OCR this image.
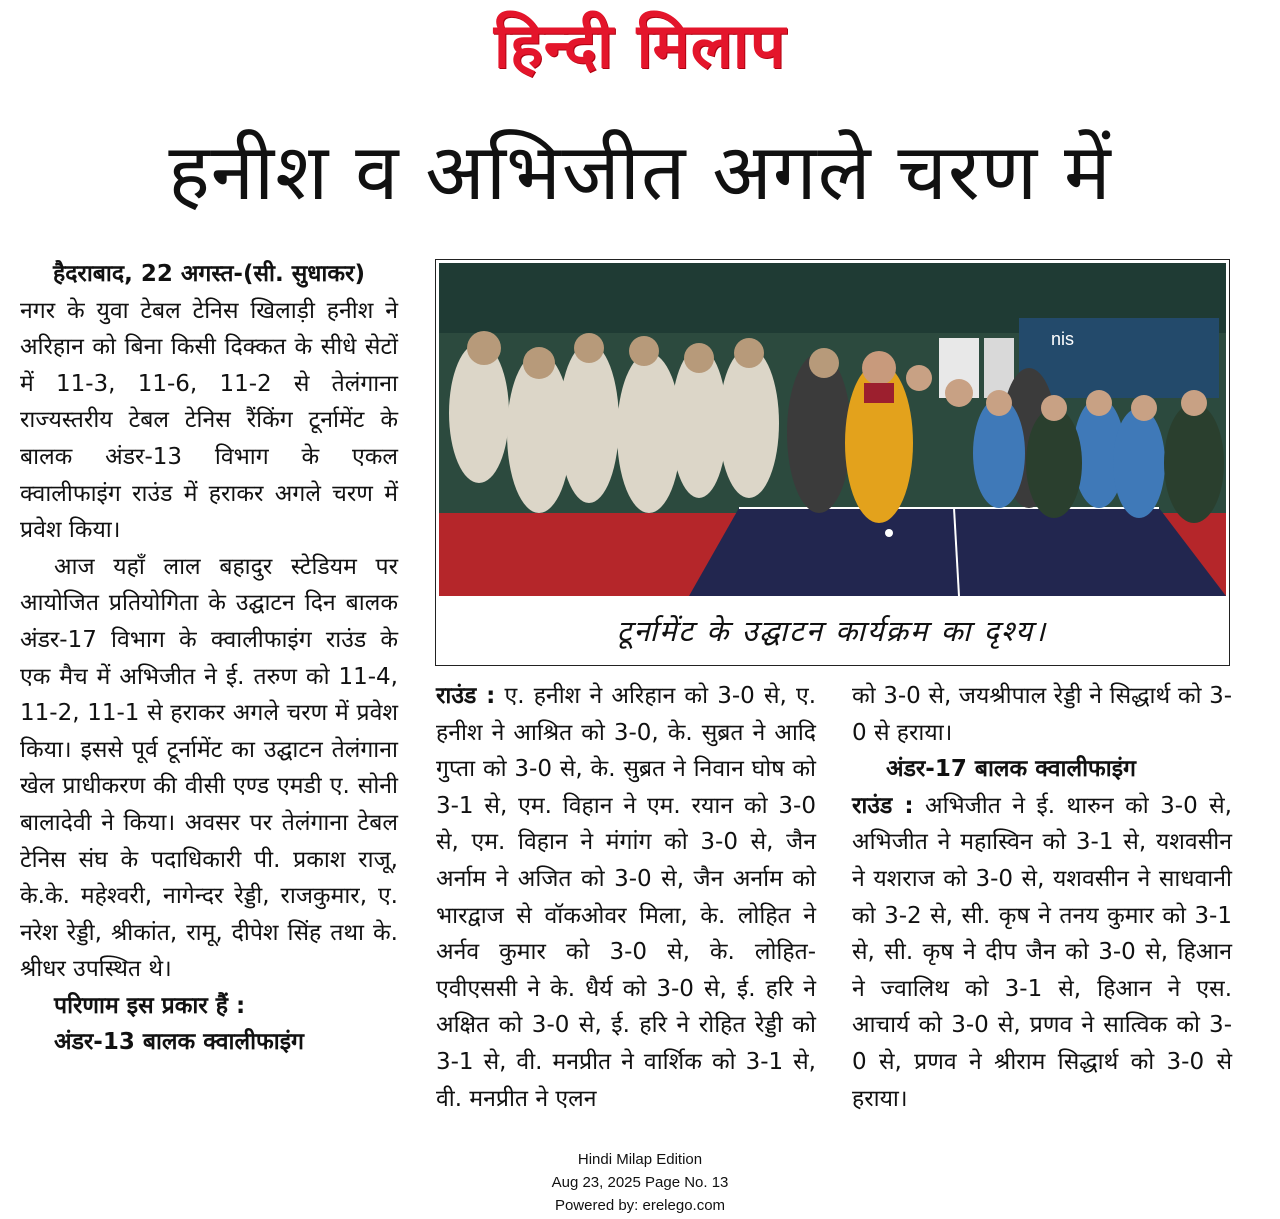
हिन्दी मिलाप
हनीश व अभिजीत अगले चरण में
हैदराबाद, 22 अगस्त-(सी. सुधाकर)

नगर के युवा टेबल टेनिस खिलाड़ी हनीश ने अरिहान को बिना किसी दिक्कत के सीधे सेटों में 11-3, 11-6, 11-2 से तेलंगाना राज्यस्तरीय टेबल टेनिस रैंकिंग टूर्नामेंट के बालक अंडर-13 विभाग के एकल क्वालीफाइंग राउंड में हराकर अगले चरण में प्रवेश किया।

आज यहाँ लाल बहादुर स्टेडियम पर आयोजित प्रतियोगिता के उद्घाटन दिन बालक अंडर-17 विभाग के क्वालीफाइंग राउंड के एक मैच में अभिजीत ने ई. तरुण को 11-4, 11-2, 11-1 से हराकर अगले चरण में प्रवेश किया। इससे पूर्व टूर्नामेंट का उद्घाटन तेलंगाना खेल प्राधीकरण की वीसी एण्ड एमडी ए. सोनी बालादेवी ने किया। अवसर पर तेलंगाना टेबल टेनिस संघ के पदाधिकारी पी. प्रकाश राजू, के.के. महेश्वरी, नागेन्दर रेड्डी, राजकुमार, ए. नरेश रेड्डी, श्रीकांत, रामू, दीपेश सिंह तथा के. श्रीधर उपस्थित थे।

परिणाम इस प्रकार हैं :
अंडर-13 बालक क्वालीफाइंग
nis
टूर्नामेंट के उद्घाटन कार्यक्रम का दृश्य।

राउंड : ए. हनीश ने अरिहान को 3-0 से, ए. हनीश ने आश्रित को 3-0, के. सुब्रत ने आदि गुप्ता को 3-0 से, के. सुब्रत ने निवान घोष को 3-1 से, एम. विहान ने एम. रयान को 3-0 से, एम. विहान ने मंगांग को 3-0 से, जैन अर्नाम ने अजित को 3-0 से, जैन अर्नाम को भारद्वाज से वॉकओवर मिला, के. लोहित ने अर्नव कुमार को 3-0 से, के. लोहित-एवीएससी ने के. धैर्य को 3-0 से, ई. हरि ने अक्षित को 3-0 से, ई. हरि ने रोहित रेड्डी को 3-1 से, वी. मनप्रीत ने वार्शिक को 3-1 से, वी. मनप्रीत ने एलन

को 3-0 से, जयश्रीपाल रेड्डी ने सिद्धार्थ को 3-0 से हराया।

अंडर-17 बालक क्वालीफाइंग

राउंड : अभिजीत ने ई. थारुन को 3-0 से, अभिजीत ने महास्विन को 3-1 से, यशवसीन ने यशराज को 3-0 से, यशवसीन ने साधवानी को 3-2 से, सी. कृष ने तनय कुमार को 3-1 से, सी. कृष ने दीप जैन को 3-0 से, हिआन ने ज्वालिथ को 3-1 से, हिआन ने एस. आचार्य को 3-0 से, प्रणव ने सात्विक को 3-0 से, प्रणव ने श्रीराम सिद्धार्थ को 3-0 से हराया।

Hindi Milap Edition
Aug 23, 2025 Page No. 13
Powered by: erelego.com
